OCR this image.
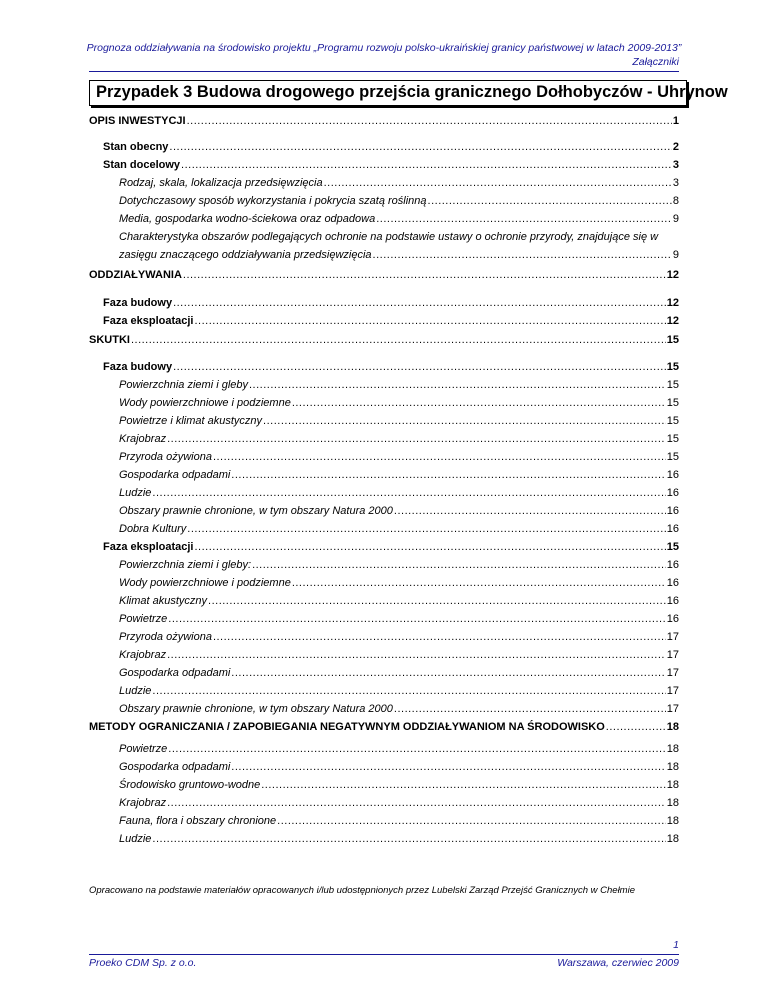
Prognoza oddziaływania na środowisko projektu „Programu rozwoju polsko-ukraińskiej granicy państwowej w latach 2009-2013”
Załączniki
Przypadek 3 Budowa drogowego przejścia granicznego Dołhobyczów - Uhrynow
OPIS INWESTYCJI .....	1
Stan obecny .....	2
Stan docelowy .....	3
Rodzaj, skala, lokalizacja przedsięwzięcia .....	3
Dotychczasowy sposób wykorzystania i pokrycia szatą roślinną .....	8
Media, gospodarka wodno-ściekowa oraz odpadowa .....	9
Charakterystyka obszarów podlegających ochronie na podstawie ustawy o ochronie przyrody, znajdujące się w
zasięgu znaczącego oddziaływania przedsięwzięcia .....	9
ODDZIAŁYWANIA .....	12
Faza budowy .....	12
Faza eksploatacji .....	12
SKUTKI .....	15
Faza budowy .....	15
Powierzchnia ziemi i gleby .....	15
Wody powierzchniowe i podziemne .....	15
Powietrze i klimat akustyczny .....	15
Krajobraz .....	15
Przyroda ożywiona .....	15
Gospodarka odpadami .....	16
Ludzie .....	16
Obszary prawnie chronione, w tym obszary Natura 2000 .....	16
Dobra Kultury .....	16
Faza eksploatacji .....	15
Powierzchnia ziemi i gleby: .....	16
Wody powierzchniowe i podziemne .....	16
Klimat akustyczny .....	16
Powietrze .....	16
Przyroda ożywiona .....	17
Krajobraz .....	17
Gospodarka odpadami .....	17
Ludzie .....	17
Obszary prawnie chronione, w tym obszary Natura 2000 .....	17
METODY OGRANICZANIA / ZAPOBIEGANIA NEGATYWNYM ODDZIAŁYWANIOM NA ŚRODOWISKO .....	18
Powietrze .....	18
Gospodarka odpadami .....	18
Środowisko gruntowo-wodne .....	18
Krajobraz .....	18
Fauna, flora i obszary chronione .....	18
Ludzie .....	18
Opracowano na podstawie materiałów opracowanych i/lub udostępnionych przez Lubelski Zarząd Przejść Granicznych w Chełmie
1
Proeko CDM Sp. z o.o.	Warszawa, czerwiec 2009
